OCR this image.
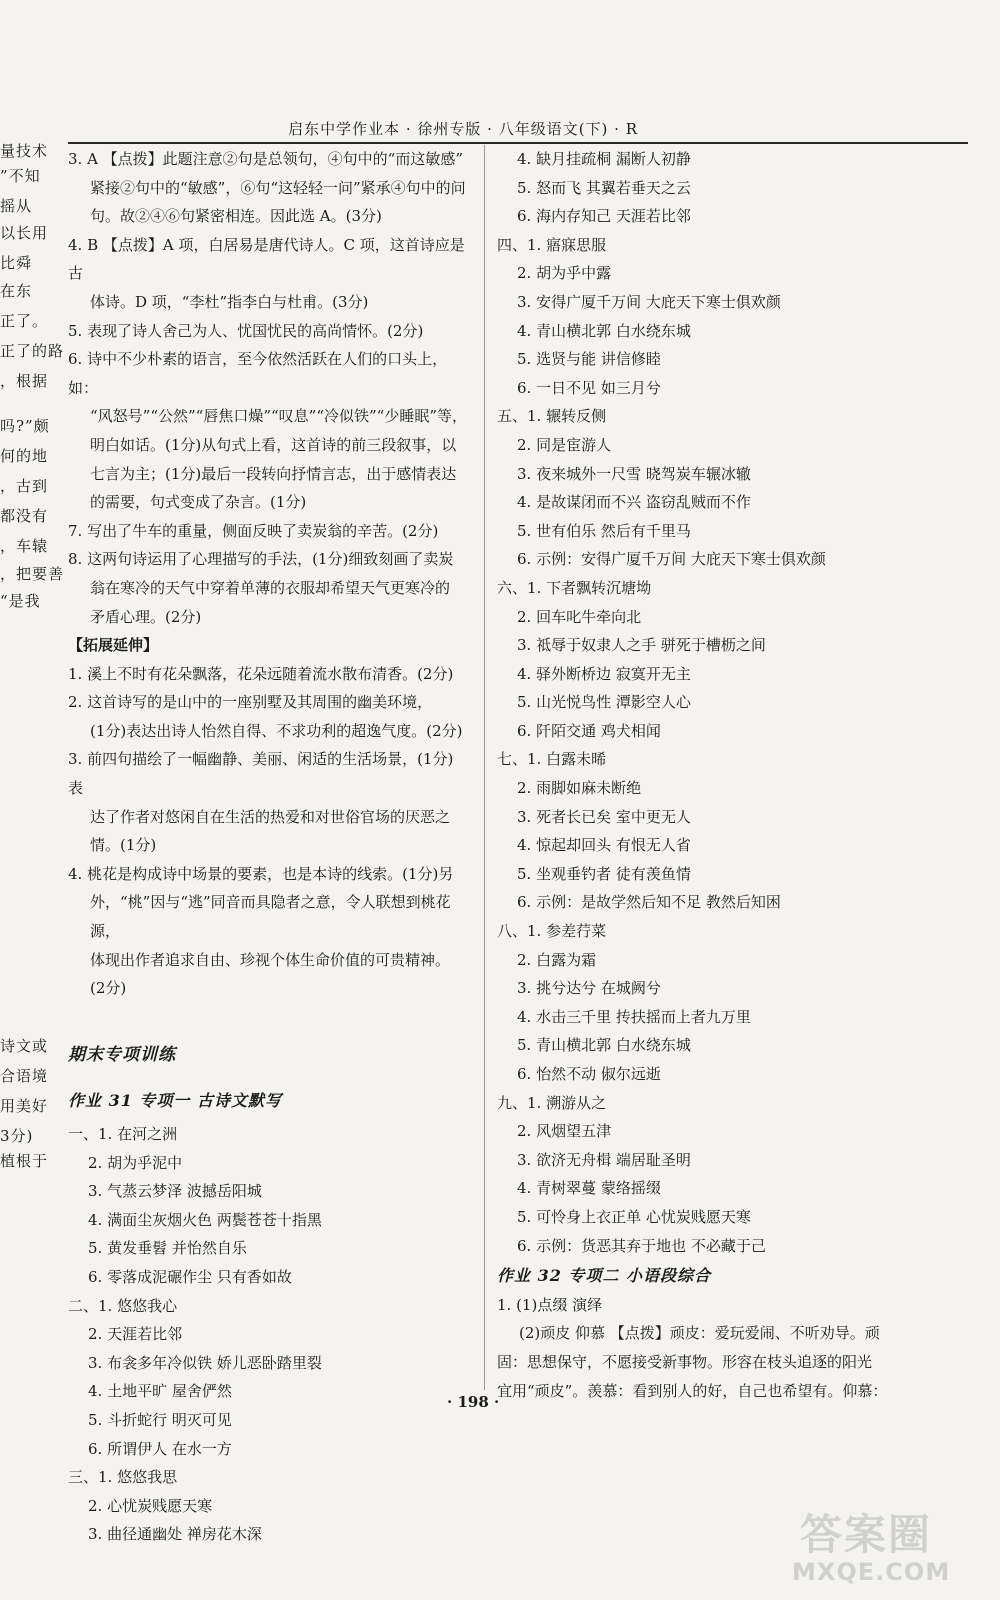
量技术
”不知
摇从
以长用
比舜
在东
正了。
正了的路
，根据
吗?”颇
何的地
，古到
都没有
，车辕
，把要善
“是我
诗文或
合语境
用美好
3分)
植根于
启东中学作业本 · 徐州专版 · 八年级语文(下) · R
3. A 【点拨】此题注意②句是总领句，④句中的“而这敏感”
紧接②句中的“敏感”，⑥句“这轻轻一问”紧承④句中的问
句。故②④⑥句紧密相连。因此选 A。(3分)
4. B 【点拨】A 项，白居易是唐代诗人。C 项，这首诗应是古
体诗。D 项，“李杜”指李白与杜甫。(3分)
5. 表现了诗人舍己为人、忧国忧民的高尚情怀。(2分)
6. 诗中不少朴素的语言，至今依然活跃在人们的口头上，如：
“风怒号”“公然”“唇焦口燥”“叹息”“冷似铁”“少睡眠”等，
明白如话。(1分)从句式上看，这首诗的前三段叙事，以
七言为主；(1分)最后一段转向抒情言志，出于感情表达
的需要，句式变成了杂言。(1分)
7. 写出了牛车的重量，侧面反映了卖炭翁的辛苦。(2分)
8. 这两句诗运用了心理描写的手法，(1分)细致刻画了卖炭
翁在寒冷的天气中穿着单薄的衣服却希望天气更寒冷的
矛盾心理。(2分)
【拓展延伸】
1. 溪上不时有花朵飘落，花朵远随着流水散布清香。(2分)
2. 这首诗写的是山中的一座别墅及其周围的幽美环境，
(1分)表达出诗人怡然自得、不求功利的超逸气度。(2分)
3. 前四句描绘了一幅幽静、美丽、闲适的生活场景，(1分)表
达了作者对悠闲自在生活的热爱和对世俗官场的厌恶之
情。(1分)
4. 桃花是构成诗中场景的要素，也是本诗的线索。(1分)另
外，“桃”因与“逃”同音而具隐者之意，令人联想到桃花源，
体现出作者追求自由、珍视个体生命价值的可贵精神。
(2分)
期末专项训练
作业 31 专项一 古诗文默写
一、1. 在河之洲
2. 胡为乎泥中
3. 气蒸云梦泽 波撼岳阳城
4. 满面尘灰烟火色 两鬓苍苍十指黑
5. 黄发垂髫 并怡然自乐
6. 零落成泥碾作尘 只有香如故
二、1. 悠悠我心
2. 天涯若比邻
3. 布衾多年冷似铁 娇儿恶卧踏里裂
4. 土地平旷 屋舍俨然
5. 斗折蛇行 明灭可见
6. 所谓伊人 在水一方
三、1. 悠悠我思
2. 心忧炭贱愿天寒
3. 曲径通幽处 禅房花木深
4. 缺月挂疏桐 漏断人初静
5. 怒而飞 其翼若垂天之云
6. 海内存知己 天涯若比邻
四、1. 寤寐思服
2. 胡为乎中露
3. 安得广厦千万间 大庇天下寒士俱欢颜
4. 青山横北郭 白水绕东城
5. 选贤与能 讲信修睦
6. 一日不见 如三月兮
五、1. 辗转反侧
2. 同是宦游人
3. 夜来城外一尺雪 晓驾炭车辗冰辙
4. 是故谋闭而不兴 盗窃乱贼而不作
5. 世有伯乐 然后有千里马
6. 示例：安得广厦千万间 大庇天下寒士俱欢颜
六、1. 下者飘转沉塘坳
2. 回车叱牛牵向北
3. 祗辱于奴隶人之手 骈死于槽枥之间
4. 驿外断桥边 寂寞开无主
5. 山光悦鸟性 潭影空人心
6. 阡陌交通 鸡犬相闻
七、1. 白露未晞
2. 雨脚如麻未断绝
3. 死者长已矣 室中更无人
4. 惊起却回头 有恨无人省
5. 坐观垂钓者 徒有羡鱼情
6. 示例：是故学然后知不足 教然后知困
八、1. 参差荇菜
2. 白露为霜
3. 挑兮达兮 在城阙兮
4. 水击三千里 抟扶摇而上者九万里
5. 青山横北郭 白水绕东城
6. 怡然不动 俶尔远逝
九、1. 溯游从之
2. 风烟望五津
3. 欲济无舟楫 端居耻圣明
4. 青树翠蔓 蒙络摇缀
5. 可怜身上衣正单 心忧炭贱愿天寒
6. 示例：货恶其弃于地也 不必藏于己
作业 32 专项二 小语段综合
1. (1)点缀 演绎
(2)顽皮 仰慕 【点拨】顽皮：爱玩爱闹、不听劝导。顽
固：思想保守，不愿接受新事物。形容在枝头追逐的阳光
宜用“顽皮”。羡慕：看到别人的好，自己也希望有。仰慕：
· 198 ·
答案圈
MXQE.COM
